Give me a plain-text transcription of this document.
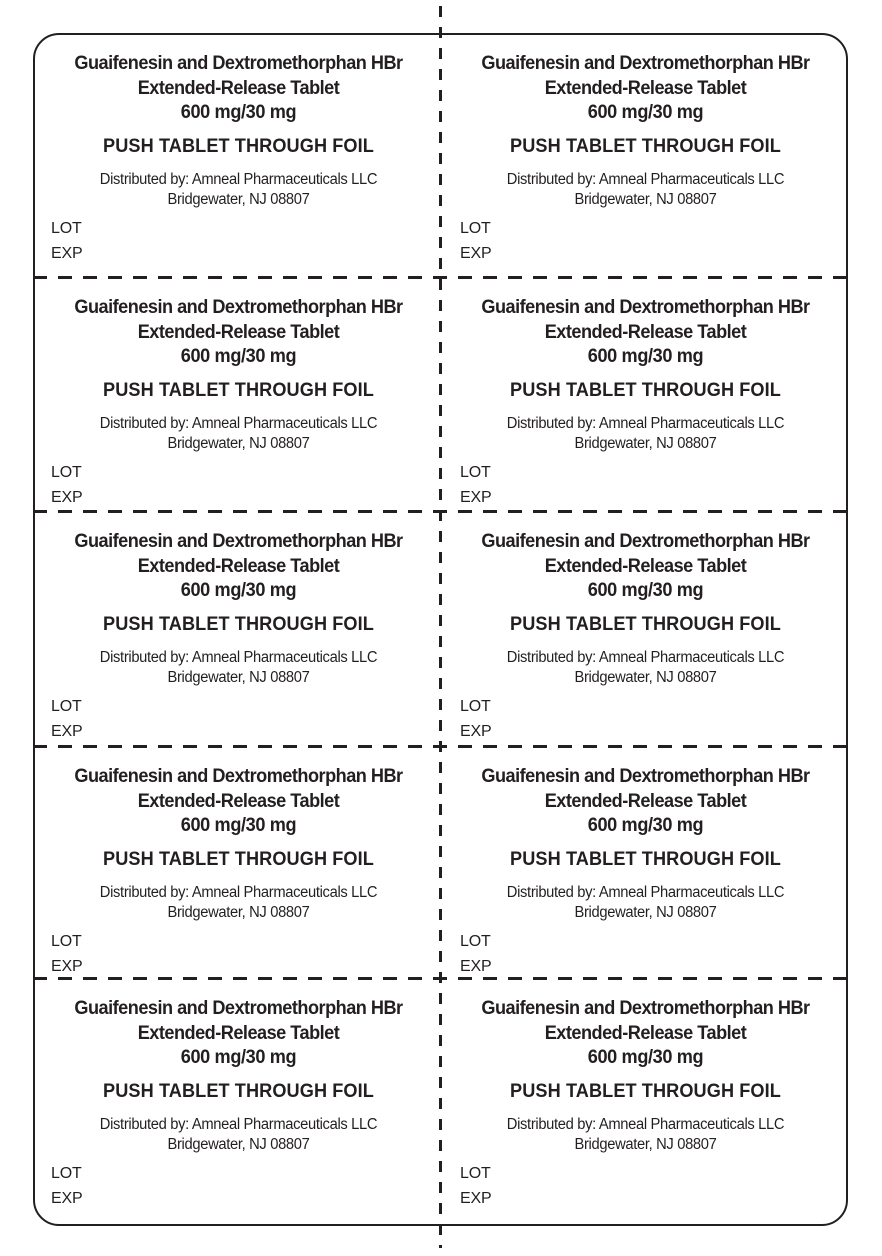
Guaifenesin and Dextromethorphan HBr
Extended-Release Tablet
600 mg/30 mg
PUSH TABLET THROUGH FOIL
Distributed by: Amneal Pharmaceuticals LLC
Bridgewater, NJ 08807
LOT
EXP
Guaifenesin and Dextromethorphan HBr
Extended-Release Tablet
600 mg/30 mg
PUSH TABLET THROUGH FOIL
Distributed by: Amneal Pharmaceuticals LLC
Bridgewater, NJ 08807
LOT
EXP
Guaifenesin and Dextromethorphan HBr
Extended-Release Tablet
600 mg/30 mg
PUSH TABLET THROUGH FOIL
Distributed by: Amneal Pharmaceuticals LLC
Bridgewater, NJ 08807
LOT
EXP
Guaifenesin and Dextromethorphan HBr
Extended-Release Tablet
600 mg/30 mg
PUSH TABLET THROUGH FOIL
Distributed by: Amneal Pharmaceuticals LLC
Bridgewater, NJ 08807
LOT
EXP
Guaifenesin and Dextromethorphan HBr
Extended-Release Tablet
600 mg/30 mg
PUSH TABLET THROUGH FOIL
Distributed by: Amneal Pharmaceuticals LLC
Bridgewater, NJ 08807
LOT
EXP
Guaifenesin and Dextromethorphan HBr
Extended-Release Tablet
600 mg/30 mg
PUSH TABLET THROUGH FOIL
Distributed by: Amneal Pharmaceuticals LLC
Bridgewater, NJ 08807
LOT
EXP
Guaifenesin and Dextromethorphan HBr
Extended-Release Tablet
600 mg/30 mg
PUSH TABLET THROUGH FOIL
Distributed by: Amneal Pharmaceuticals LLC
Bridgewater, NJ 08807
LOT
EXP
Guaifenesin and Dextromethorphan HBr
Extended-Release Tablet
600 mg/30 mg
PUSH TABLET THROUGH FOIL
Distributed by: Amneal Pharmaceuticals LLC
Bridgewater, NJ 08807
LOT
EXP
Guaifenesin and Dextromethorphan HBr
Extended-Release Tablet
600 mg/30 mg
PUSH TABLET THROUGH FOIL
Distributed by: Amneal Pharmaceuticals LLC
Bridgewater, NJ 08807
LOT
EXP
Guaifenesin and Dextromethorphan HBr
Extended-Release Tablet
600 mg/30 mg
PUSH TABLET THROUGH FOIL
Distributed by: Amneal Pharmaceuticals LLC
Bridgewater, NJ 08807
LOT
EXP
